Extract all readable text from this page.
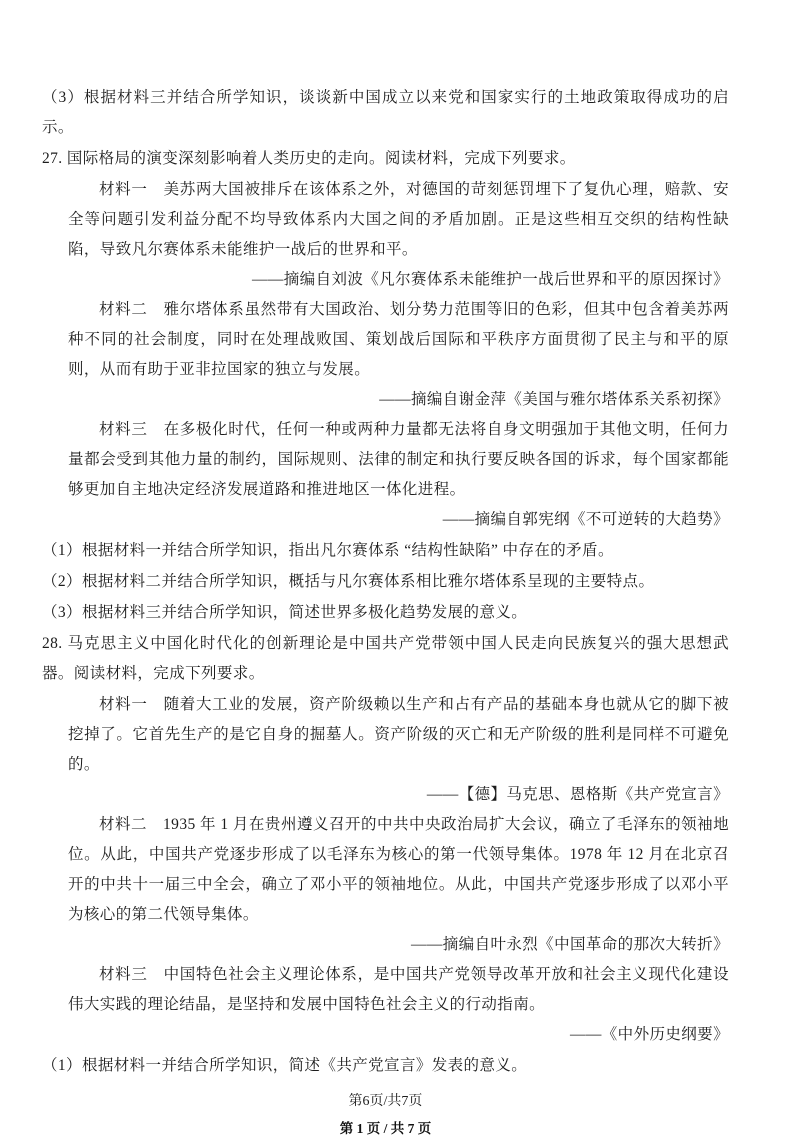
（3）根据材料三并结合所学知识，谈谈新中国成立以来党和国家实行的土地政策取得成功的启示。

27. 国际格局的演变深刻影响着人类历史的走向。阅读材料，完成下列要求。

材料一　美苏两大国被排斥在该体系之外，对德国的苛刻惩罚埋下了复仇心理，赔款、安全等问题引发利益分配不均导致体系内大国之间的矛盾加剧。正是这些相互交织的结构性缺陷，导致凡尔赛体系未能维护一战后的世界和平。

——摘编自刘波《凡尔赛体系未能维护一战后世界和平的原因探讨》

材料二　雅尔塔体系虽然带有大国政治、划分势力范围等旧的色彩，但其中包含着美苏两种不同的社会制度，同时在处理战败国、策划战后国际和平秩序方面贯彻了民主与和平的原则，从而有助于亚非拉国家的独立与发展。

——摘编自谢金萍《美国与雅尔塔体系关系初探》

材料三　在多极化时代，任何一种或两种力量都无法将自身文明强加于其他文明，任何力量都会受到其他力量的制约，国际规则、法律的制定和执行要反映各国的诉求，每个国家都能够更加自主地决定经济发展道路和推进地区一体化进程。

——摘编自郭宪纲《不可逆转的大趋势》

（1）根据材料一并结合所学知识，指出凡尔赛体系 “结构性缺陷” 中存在的矛盾。

（2）根据材料二并结合所学知识，概括与凡尔赛体系相比雅尔塔体系呈现的主要特点。

（3）根据材料三并结合所学知识，简述世界多极化趋势发展的意义。

28. 马克思主义中国化时代化的创新理论是中国共产党带领中国人民走向民族复兴的强大思想武器。阅读材料，完成下列要求。

材料一　随着大工业的发展，资产阶级赖以生产和占有产品的基础本身也就从它的脚下被挖掉了。它首先生产的是它自身的掘墓人。资产阶级的灭亡和无产阶级的胜利是同样不可避免的。

——【德】马克思、恩格斯《共产党宣言》

材料二　1935 年 1 月在贵州遵义召开的中共中央政治局扩大会议，确立了毛泽东的领袖地位。从此，中国共产党逐步形成了以毛泽东为核心的第一代领导集体。1978 年 12 月在北京召开的中共十一届三中全会，确立了邓小平的领袖地位。从此，中国共产党逐步形成了以邓小平为核心的第二代领导集体。

——摘编自叶永烈《中国革命的那次大转折》

材料三　中国特色社会主义理论体系，是中国共产党领导改革开放和社会主义现代化建设伟大实践的理论结晶，是坚持和发展中国特色社会主义的行动指南。

——《中外历史纲要》

（1）根据材料一并结合所学知识，简述《共产党宣言》发表的意义。

第6页/共7页
第 1 页 / 共 7 页
